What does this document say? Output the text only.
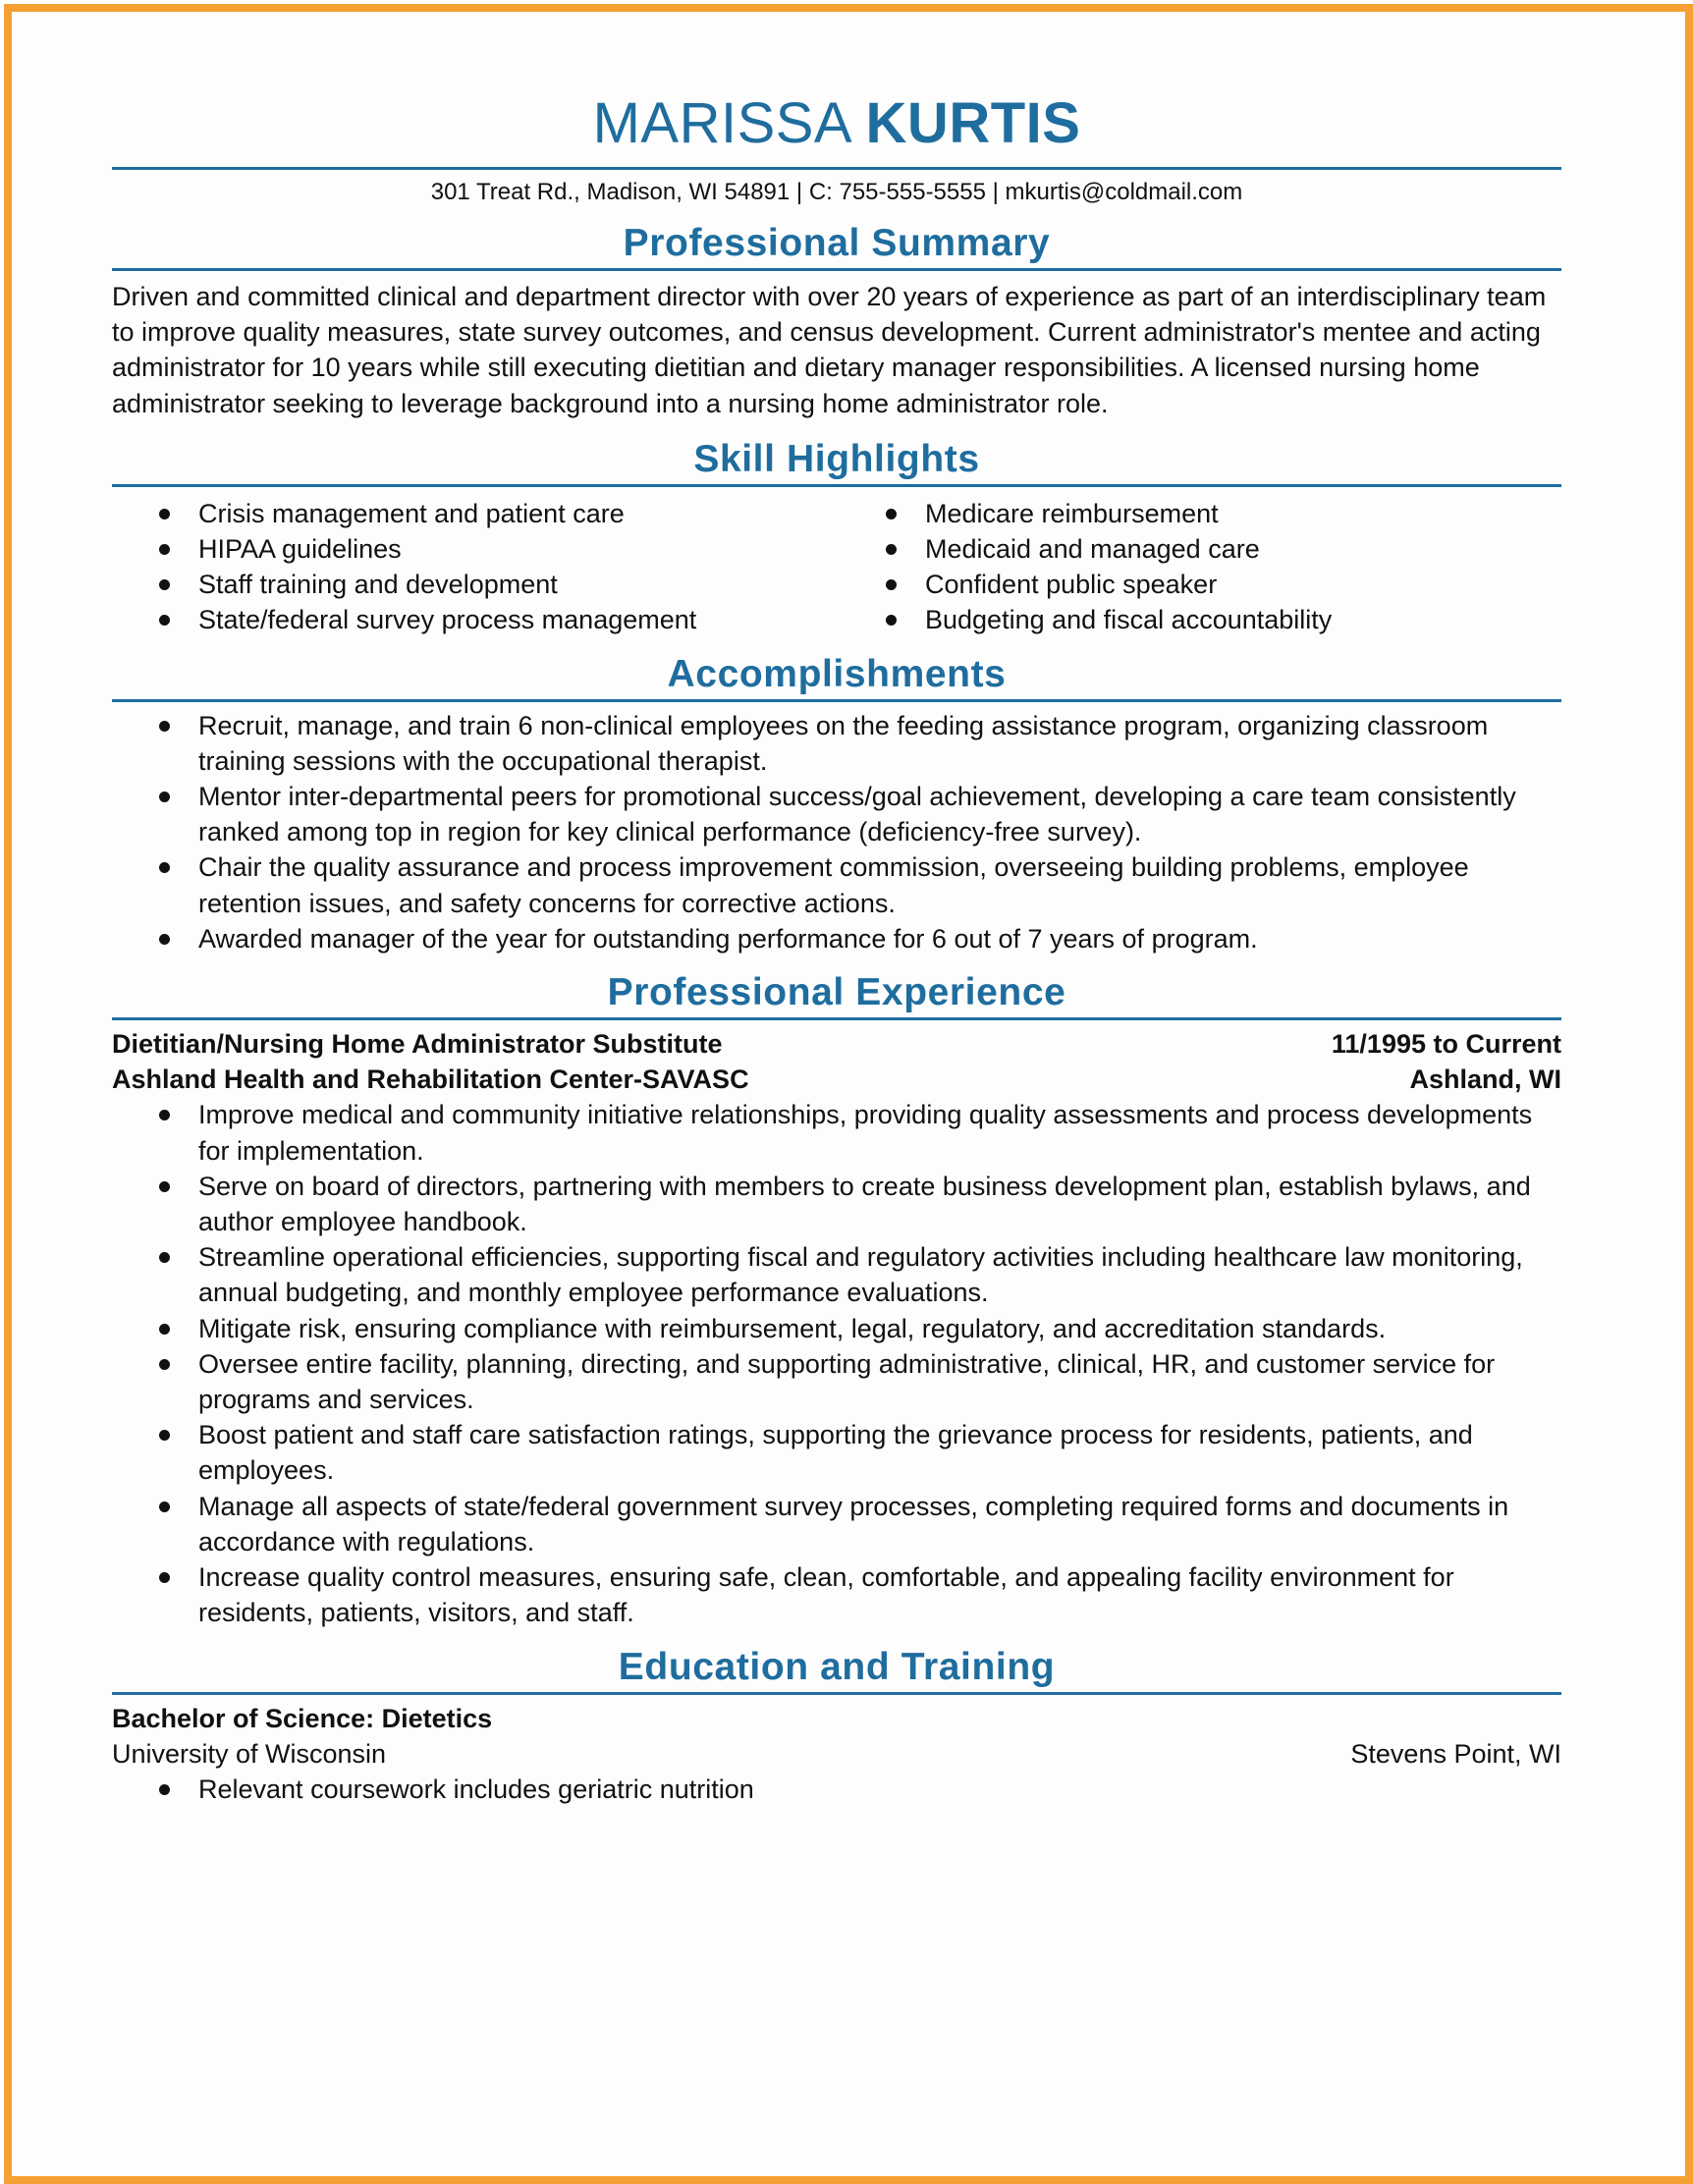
MARISSA KURTIS
301 Treat Rd., Madison, WI 54891 | C: 755-555-5555 | mkurtis@coldmail.com
Professional Summary
Driven and committed clinical and department director with over 20 years of experience as part of an interdisciplinary team to improve quality measures, state survey outcomes, and census development. Current administrator's mentee and acting administrator for 10 years while still executing dietitian and dietary manager responsibilities. A licensed nursing home administrator seeking to leverage background into a nursing home administrator role.
Skill Highlights
Crisis management and patient care
HIPAA guidelines
Staff training and development
State/federal survey process management
Medicare reimbursement
Medicaid and managed care
Confident public speaker
Budgeting and fiscal accountability
Accomplishments
Recruit, manage, and train 6 non-clinical employees on the feeding assistance program, organizing classroom training sessions with the occupational therapist.
Mentor inter-departmental peers for promotional success/goal achievement, developing a care team consistently ranked among top in region for key clinical performance (deficiency-free survey).
Chair the quality assurance and process improvement commission, overseeing building problems, employee retention issues, and safety concerns for corrective actions.
Awarded manager of the year for outstanding performance for 6 out of 7 years of program.
Professional Experience
Dietitian/Nursing Home Administrator Substitute	11/1995 to Current
Ashland Health and Rehabilitation Center-SAVASC	Ashland, WI
Improve medical and community initiative relationships, providing quality assessments and process developments for implementation.
Serve on board of directors, partnering with members to create business development plan, establish bylaws, and author employee handbook.
Streamline operational efficiencies, supporting fiscal and regulatory activities including healthcare law monitoring, annual budgeting, and monthly employee performance evaluations.
Mitigate risk, ensuring compliance with reimbursement, legal, regulatory, and accreditation standards.
Oversee entire facility, planning, directing, and supporting administrative, clinical, HR, and customer service for programs and services.
Boost patient and staff care satisfaction ratings, supporting the grievance process for residents, patients, and employees.
Manage all aspects of state/federal government survey processes, completing required forms and documents in accordance with regulations.
Increase quality control measures, ensuring safe, clean, comfortable, and appealing facility environment for residents, patients, visitors, and staff.
Education and Training
Bachelor of Science: Dietetics
University of Wisconsin	Stevens Point, WI
Relevant coursework includes geriatric nutrition
